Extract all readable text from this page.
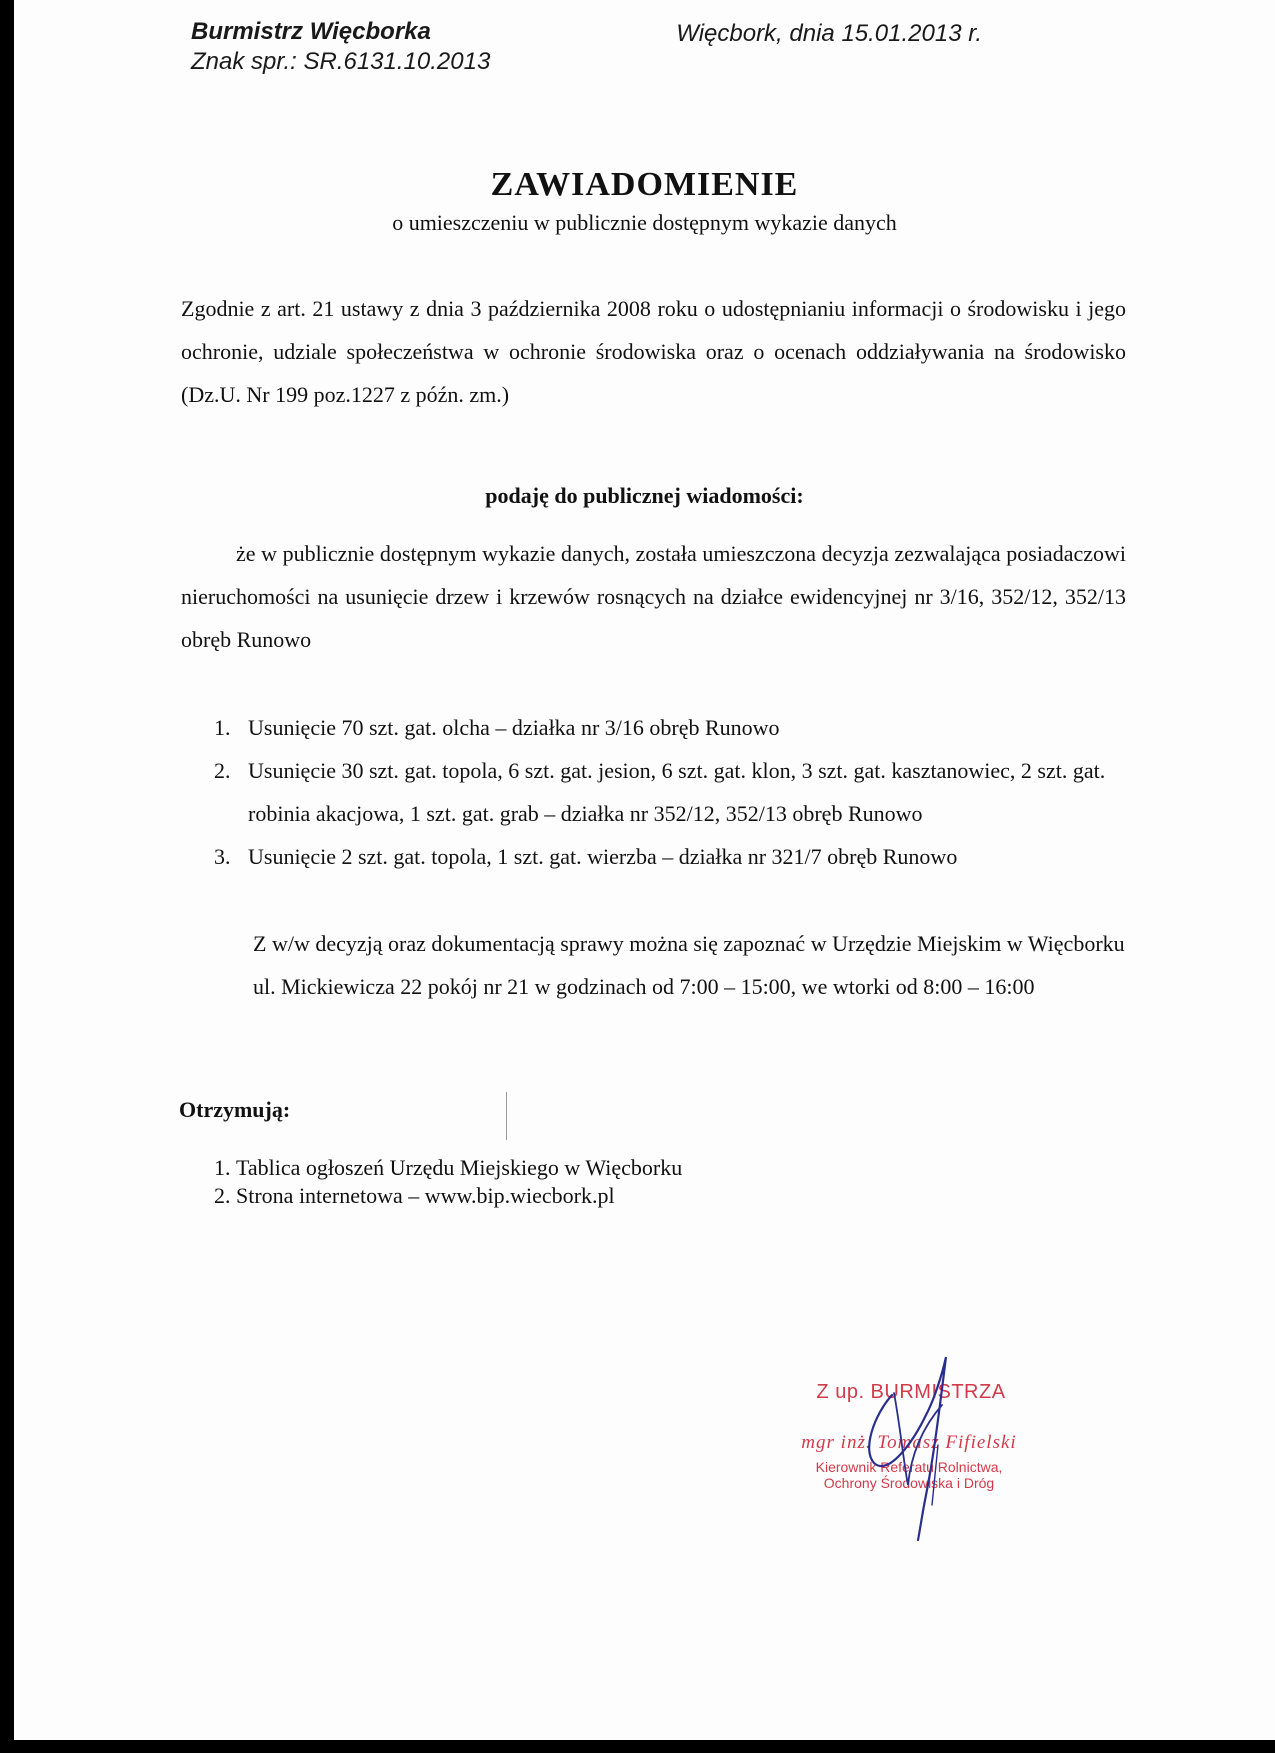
Burmistrz Więcborka

Znak spr.: SR.6131.10.2013

Więcbork, dnia 15.01.2013 r.

ZAWIADOMIENIE

o umieszczeniu w publicznie dostępnym wykazie danych

Zgodnie z art. 21 ustawy z dnia 3 października 2008 roku o udostępnianiu informacji o środowisku i jego ochronie, udziale społeczeństwa w ochronie środowiska oraz o ocenach oddziaływania na środowisko (Dz.U. Nr 199 poz.1227 z późn. zm.)

podaję do publicznej wiadomości:

że w publicznie dostępnym wykazie danych, została umieszczona decyzja zezwalająca posiadaczowi nieruchomości na usunięcie drzew i krzewów rosnących na działce ewidencyjnej nr 3/16, 352/12, 352/13 obręb Runowo

1. Usunięcie 70 szt. gat. olcha – działka nr 3/16 obręb Runowo
2. Usunięcie 30 szt. gat. topola, 6 szt. gat. jesion, 6 szt. gat. klon, 3 szt. gat. kasztanowiec, 2 szt. gat. robinia akacjowa, 1 szt. gat. grab – działka nr 352/12, 352/13 obręb Runowo
3. Usunięcie 2 szt. gat. topola, 1 szt. gat. wierzba – działka nr 321/7 obręb Runowo

Z w/w decyzją oraz dokumentacją sprawy można się zapoznać w Urzędzie Miejskim w Więcborku ul. Mickiewicza 22 pokój nr 21 w godzinach od 7:00 – 15:00, we wtorki od 8:00 – 16:00

Otrzymują:

1. Tablica ogłoszeń Urzędu Miejskiego w Więcborku
2. Strona internetowa – www.bip.wiecbork.pl

Z up. BURMISTRZA

mgr inż. Tomasz Fifielski

Kierownik Referatu Rolnictwa,
Ochrony Środowiska i Dróg
